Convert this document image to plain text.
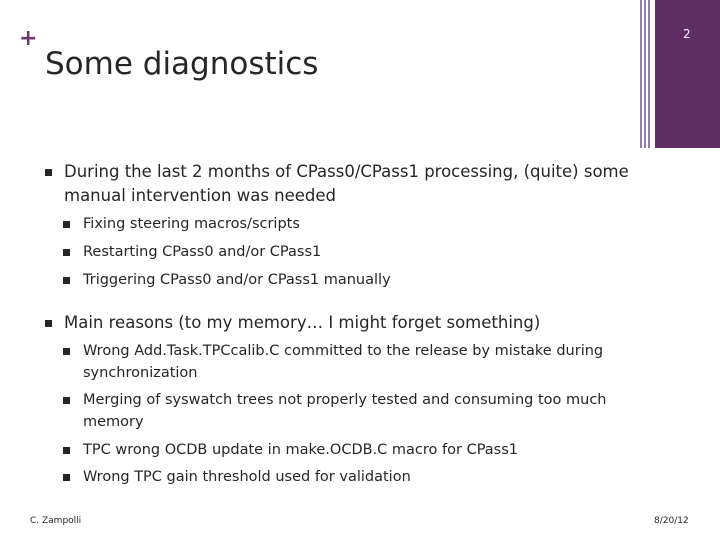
+
Some diagnostics
2
During the last 2 months of CPass0/CPass1 processing, (quite) some
manual intervention was needed
Fixing steering macros/scripts
Restarting CPass0 and/or CPass1
Triggering CPass0 and/or CPass1 manually
Main reasons (to my memory… I might forget something)
Wrong Add.Task.TPCcalib.C committed to the release by mistake during
synchronization
Merging of syswatch trees not properly tested and consuming too much
memory
TPC wrong OCDB update in make.OCDB.C macro for CPass1
Wrong TPC gain threshold used for validation
C. Zampolli	8/20/12
